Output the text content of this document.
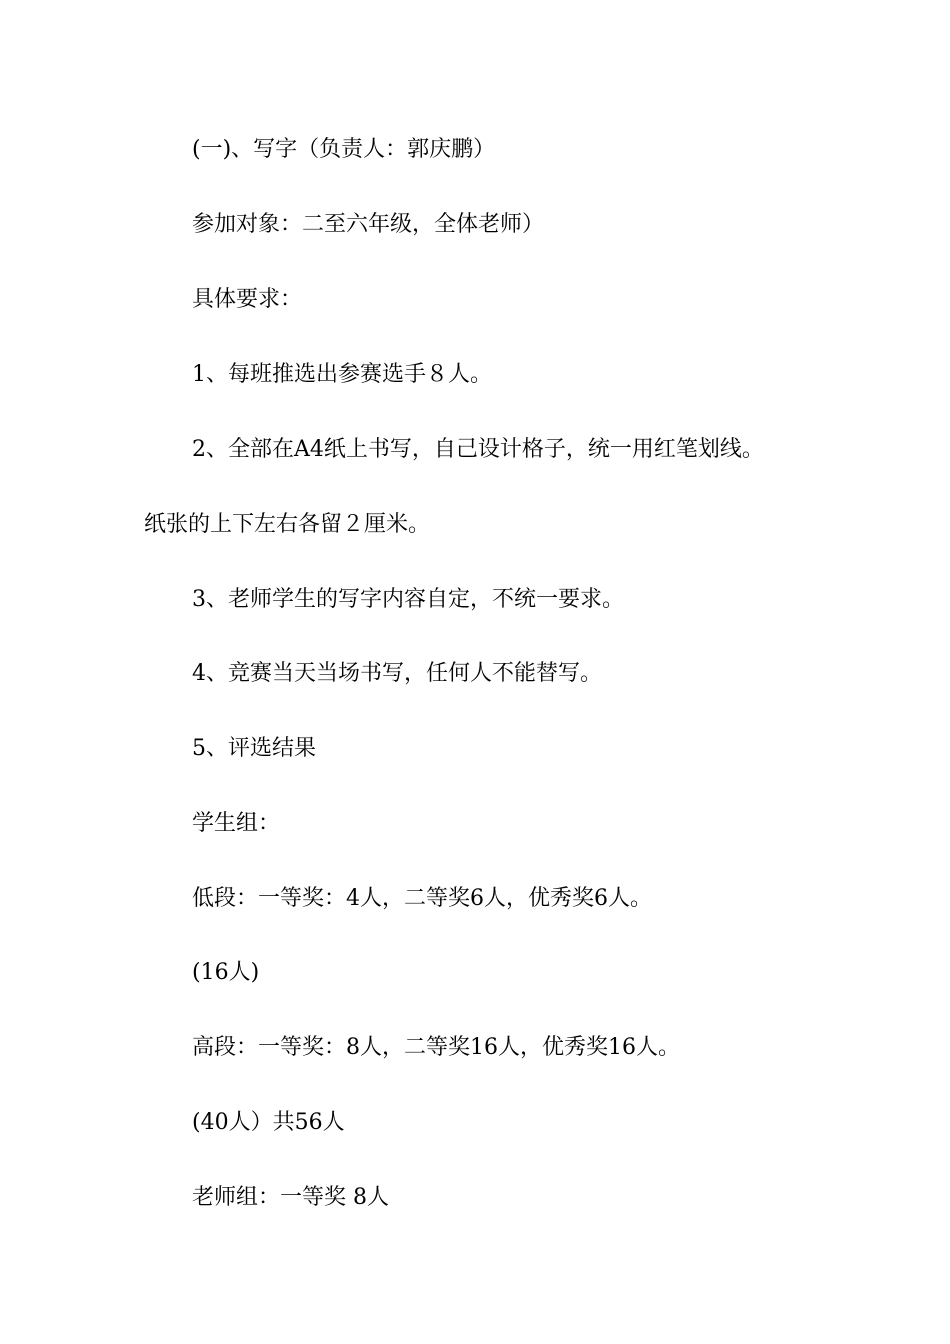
(一)、写字（负责人：郭庆鹏）
参加对象：二至六年级，全体老师）
具体要求：
1、每班推选出参赛选手８人。
2、全部在A4纸上书写，自己设计格子，统一用红笔划线。
纸张的上下左右各留２厘米。
3、老师学生的写字内容自定，不统一要求。
4、竞赛当天当场书写，任何人不能替写。
5、评选结果
学生组：
低段：一等奖：4人，二等奖6人，优秀奖6人。
(16人)
高段：一等奖：8人，二等奖16人，优秀奖16人。
(40人）共56人
老师组：一等奖 8人
